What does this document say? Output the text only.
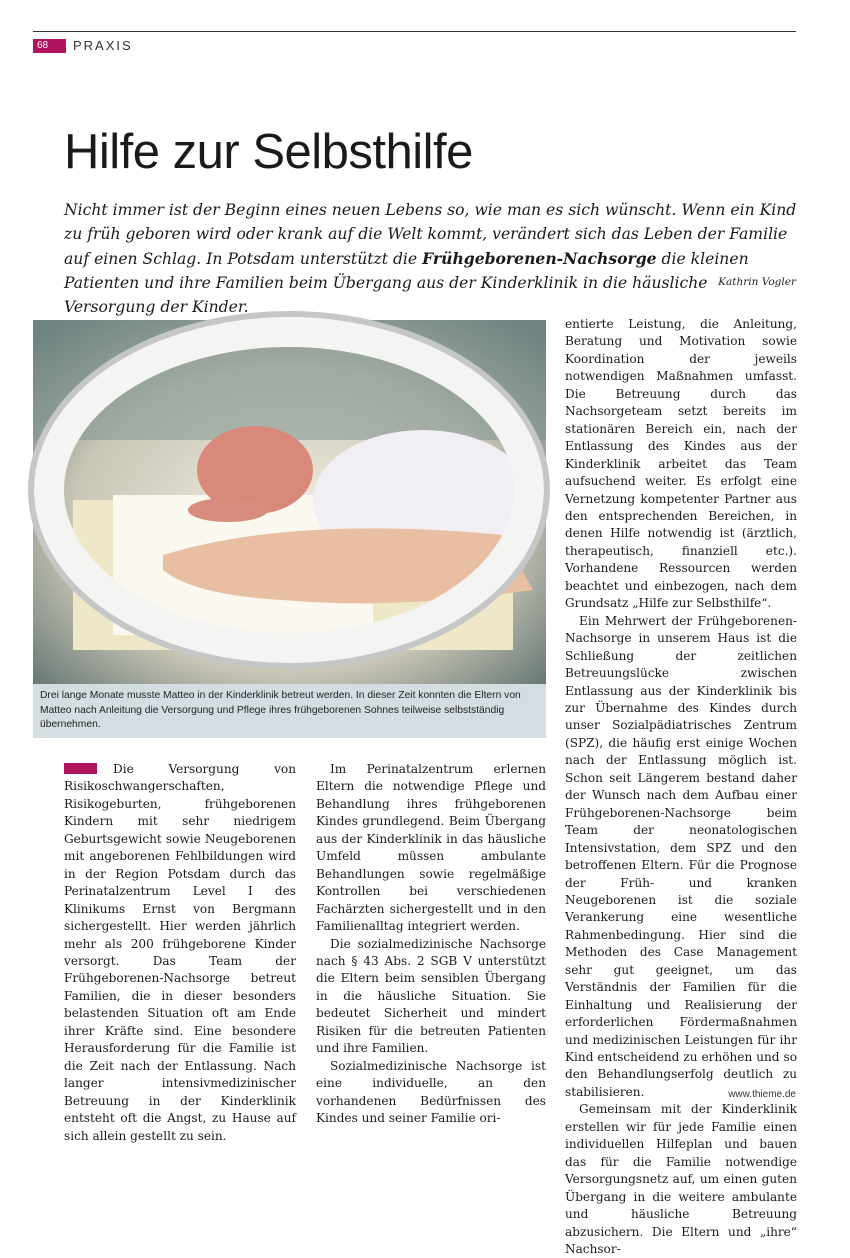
68	PRAXIS
Hilfe zur Selbsthilfe
Nicht immer ist der Beginn eines neuen Lebens so, wie man es sich wünscht. Wenn ein Kind zu früh geboren wird oder krank auf die Welt kommt, verändert sich das Leben der Familie auf einen Schlag. In Potsdam unterstützt die Frühgeborenen-Nachsorge die kleinen Patienten und ihre Familien beim Übergang aus der Kinderklinik in die häusliche Versorgung der Kinder.
Kathrin Vogler
Drei lange Monate musste Matteo in der Kinderklinik betreut werden. In dieser Zeit konnten die Eltern von Matteo nach Anleitung die Versorgung und Pflege ihres frühgeborenen Sohnes teilweise selbstständig übernehmen.

Die Versorgung von Risikoschwangerschaften, Risikogeburten, frühgeborenen Kindern mit sehr niedrigem Geburtsgewicht sowie Neugeborenen mit angeborenen Fehlbildungen wird in der Region Potsdam durch das Perinatalzentrum Level I des Klinikums Ernst von Bergmann sichergestellt. Hier werden jährlich mehr als 200 frühgeborene Kinder versorgt. Das Team der Frühgeborenen-Nachsorge betreut Familien, die in dieser besonders belastenden Situation oft am Ende ihrer Kräfte sind. Eine besondere Herausforderung für die Familie ist die Zeit nach der Entlassung. Nach langer intensivmedizinischer Betreuung in der Kinderklinik entsteht oft die Angst, zu Hause auf sich allein gestellt zu sein.

Im Perinatalzentrum erlernen Eltern die notwendige Pflege und Behandlung ihres frühgeborenen Kindes grundlegend. Beim Übergang aus der Kinderklinik in das häusliche Umfeld müssen ambulante Behandlungen sowie regelmäßige Kontrollen bei verschiedenen Fachärzten sichergestellt und in den Familienalltag integriert werden.

Die sozialmedizinische Nachsorge nach § 43 Abs. 2 SGB V unterstützt die Eltern beim sensiblen Übergang in die häusliche Situation. Sie bedeutet Sicherheit und mindert Risiken für die betreuten Patienten und ihre Familien.

Sozialmedizinische Nachsorge ist eine individuelle, an den vorhandenen Bedürfnissen des Kindes und seiner Familie ori-

entierte Leistung, die Anleitung, Beratung und Motivation sowie Koordination der jeweils notwendigen Maßnahmen umfasst. Die Betreuung durch das Nachsorgeteam setzt bereits im stationären Bereich ein, nach der Entlassung des Kindes aus der Kinderklinik arbeitet das Team aufsuchend weiter. Es erfolgt eine Vernetzung kompetenter Partner aus den entsprechenden Bereichen, in denen Hilfe notwendig ist (ärztlich, therapeutisch, finanziell etc.). Vorhandene Ressourcen werden beachtet und einbezogen, nach dem Grundsatz „Hilfe zur Selbsthilfe“.

Ein Mehrwert der Frühgeborenen-Nachsorge in unserem Haus ist die Schließung der zeitlichen Betreuungslücke zwischen Entlassung aus der Kinderklinik bis zur Übernahme des Kindes durch unser Sozialpädiatrisches Zentrum (SPZ), die häufig erst einige Wochen nach der Entlassung möglich ist. Schon seit Längerem bestand daher der Wunsch nach dem Aufbau einer Frühgeborenen-Nachsorge beim Team der neonatologischen Intensivstation, dem SPZ und den betroffenen Eltern. Für die Prognose der Früh- und kranken Neugeborenen ist die soziale Verankerung eine wesentliche Rahmenbedingung. Hier sind die Methoden des Case Management sehr gut geeignet, um das Verständnis der Familien für die Einhaltung und Realisierung der erforderlichen Fördermaßnahmen und medizinischen Leistungen für ihr Kind entscheidend zu erhöhen und so den Behandlungserfolg deutlich zu stabilisieren.

Gemeinsam mit der Kinderklinik erstellen wir für jede Familie einen individuellen Hilfeplan und bauen das für die Familie notwendige Versorgungsnetz auf, um einen guten Übergang in die weitere ambulante und häusliche Betreuung abzusichern. Die Eltern und „ihre“ Nachsor-

www.thieme.de
